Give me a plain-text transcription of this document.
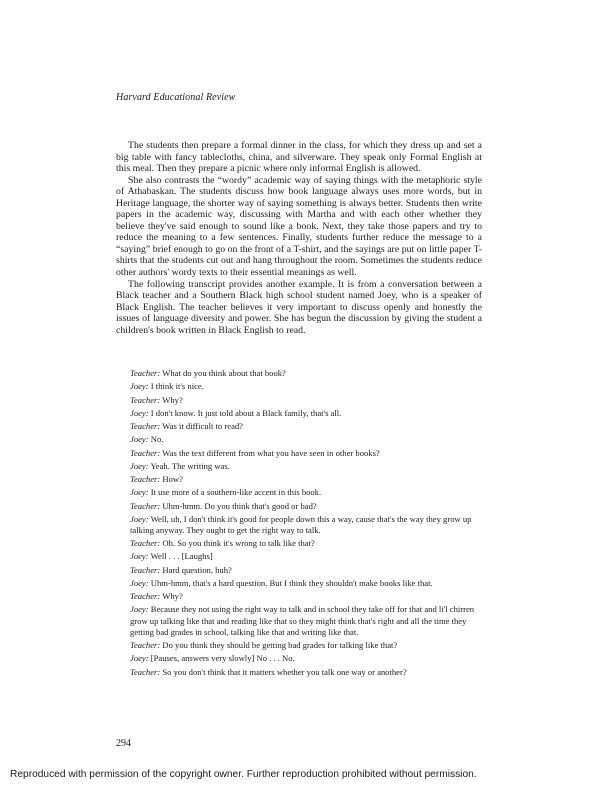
Harvard Educational Review

The students then prepare a formal dinner in the class, for which they dress up and set a big table with fancy tablecloths, china, and silverware. They speak only Formal English at this meal. Then they prepare a picnic where only informal English is allowed.

She also contrasts the “wordy” academic way of saying things with the metaphoric style of Athabaskan. The students discuss how book language always uses more words, but in Heritage language, the shorter way of saying something is always better. Students then write papers in the academic way, discussing with Martha and with each other whether they believe they've said enough to sound like a book. Next, they take those papers and try to reduce the meaning to a few sentences. Finally, students further reduce the message to a “saying” brief enough to go on the front of a T-shirt, and the sayings are put on little paper T-shirts that the students cut out and hang throughout the room. Sometimes the students reduce other authors' wordy texts to their essential meanings as well.

The following transcript provides another example. It is from a conversation between a Black teacher and a Southern Black high school student named Joey, who is a speaker of Black English. The teacher believes it very important to discuss openly and honestly the issues of language diversity and power. She has begun the discussion by giving the student a children's book written in Black English to read.

Teacher: What do you think about that book?

Joey: I think it's nice.

Teacher: Why?

Joey: I don't know. It just told about a Black family, that's all.

Teacher: Was it difficult to read?

Joey: No.

Teacher: Was the text different from what you have seen in other books?

Joey: Yeah. The writing was.

Teacher: How?

Joey: It use more of a southern-like accent in this book.

Teacher: Uhm-hmm. Do you think that's good or bad?

Joey: Well, uh, I don't think it's good for people down this a way, cause that's the way they grow up talking anyway. They ought to get the right way to talk.

Teacher: Oh. So you think it's wrong to talk like that?

Joey: Well . . . [Laughs]

Teacher: Hard question, huh?

Joey: Uhm-hmm, that's a hard question. But I think they shouldn't make books like that.

Teacher: Why?

Joey: Because they not using the right way to talk and in school they take off for that and li'l chirren grow up talking like that and reading like that so they might think that's right and all the time they getting bad grades in school, talking like that and writing like that.

Teacher: Do you think they should be getting bad grades for talking like that?

Joey: [Pauses, answers very slowly] No . . . No.

Teacher: So you don't think that it matters whether you talk one way or another?

294
Reproduced with permission of the copyright owner. Further reproduction prohibited without permission.
